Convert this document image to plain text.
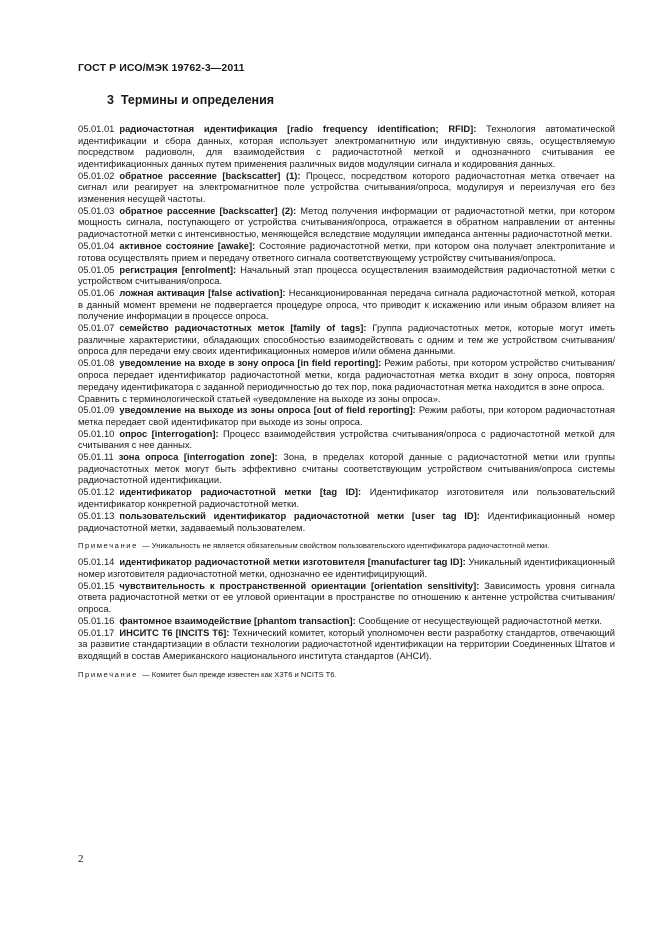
ГОСТ Р ИСО/МЭК 19762-3—2011
3 Термины и определения

05.01.01 радиочастотная идентификация [radio frequency identification; RFID]: Технология автоматической идентификации и сбора данных, которая использует электромагнитную или индуктивную связь, осуществляемую посредством радиоволн, для взаимодействия с радиочастотной меткой и однозначного считывания ее идентификационных данных путем применения различных видов модуляции сигнала и кодирования данных.

05.01.02 обратное рассеяние [backscatter] (1): Процесс, посредством которого радиочастотная метка отвечает на сигнал или реагирует на электромагнитное поле устройства считывания/опроса, модулируя и переизлучая его без изменения несущей частоты.

05.01.03 обратное рассеяние [backscatter] (2): Метод получения информации от радиочастотной метки, при котором мощность сигнала, поступающего от устройства считывания/опроса, отражается в обратном направлении от антенны радиочастотной метки с интенсивностью, меняющейся вследствие модуляции импеданса антенны радиочастотной метки.

05.01.04 активное состояние [awake]: Состояние радиочастотной метки, при котором она получает электропитание и готова осуществлять прием и передачу ответного сигнала соответствующему устройству считывания/опроса.

05.01.05 регистрация [enrolment]: Начальный этап процесса осуществления взаимодействия радиочастотной метки с устройством считывания/опроса.

05.01.06 ложная активация [false activation]: Несанкционированная передача сигнала радиочастотной меткой, которая в данный момент времени не подвергается процедуре опроса, что приводит к искажению или иным образом влияет на получение информации в процессе опроса.

05.01.07 семейство радиочастотных меток [family of tags]: Группа радиочастотных меток, которые могут иметь различные характеристики, обладающих способностью взаимодействовать с одним и тем же устройством считывания/опроса для передачи ему своих идентификационных номеров и/или обмена данными.

05.01.08 уведомление на входе в зону опроса [in field reporting]: Режим работы, при котором устройство считывания/опроса передает идентификатор радиочастотной метки, когда радиочастотная метка входит в зону опроса, повторяя передачу идентификатора с заданной периодичностью до тех пор, пока радиочастотная метка находится в зоне опроса.

Сравнить с терминологической статьей «уведомление на выходе из зоны опроса».

05.01.09 уведомление на выходе из зоны опроса [out of field reporting]: Режим работы, при котором радиочастотная метка передает свой идентификатор при выходе из зоны опроса.

05.01.10 опрос [interrogation]: Процесс взаимодействия устройства считывания/опроса с радиочастотной меткой для считывания с нее данных.

05.01.11 зона опроса [interrogation zone]: Зона, в пределах которой данные с радиочастотной метки или группы радиочастотных меток могут быть эффективно считаны соответствующим устройством считывания/опроса системы радиочастотной идентификации.

05.01.12 идентификатор радиочастотной метки [tag ID]: Идентификатор изготовителя или пользовательский идентификатор конкретной радиочастотной метки.

05.01.13 пользовательский идентификатор радиочастотной метки [user tag ID]: Идентификационный номер радиочастотной метки, задаваемый пользователем.

Примечание — Уникальность не является обязательным свойством пользовательского идентификатора радиочастотной метки.

05.01.14 идентификатор радиочастотной метки изготовителя [manufacturer tag ID]: Уникальный идентификационный номер изготовителя радиочастотной метки, однозначно ее идентифицирующий.

05.01.15 чувствительность к пространственной ориентации [orientation sensitivity]: Зависимость уровня сигнала ответа радиочастотной метки от ее угловой ориентации в пространстве по отношению к антенне устройства считывания/опроса.

05.01.16 фантомное взаимодействие [phantom transaction]: Сообщение от несуществующей радиочастотной метки.

05.01.17 ИНСИТС Т6 [INCITS T6]: Технический комитет, который уполномочен вести разработку стандартов, отвечающий за развитие стандартизации в области технологии радиочастотной идентификации на территории Соединенных Штатов и входящий в состав Американского национального института стандартов (АНСИ).

Примечание — Комитет был прежде известен как X3T6 и NCITS T6.

2
